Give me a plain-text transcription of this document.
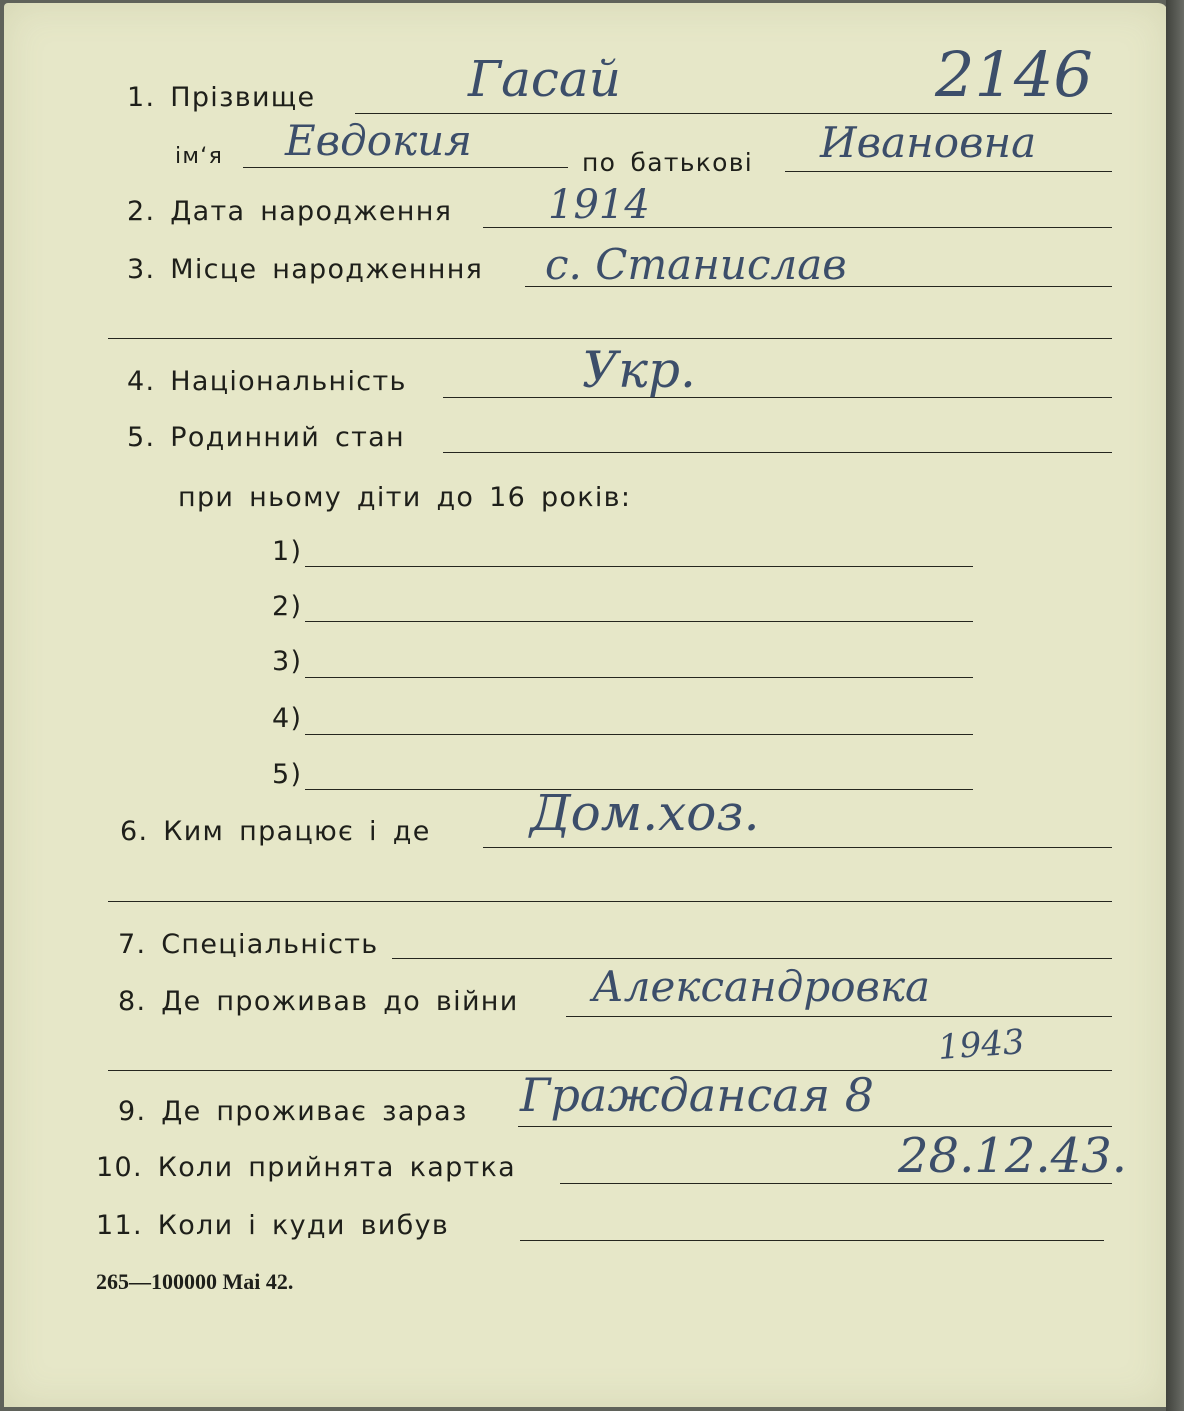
1. Прізвище	Гасай	2146
ім‘я Евдокия	по батькові Ивановна
2. Дата народження 1914
3. Місце народженння с. Станислав
4. Національність	Укр.
5. Родинний стан
при ньому діти до 16 років:
1)
2)
3)
4)
5)
6. Ким працює і де Дом.хоз.
7. Спеціальність
8. Де проживав до війни Александровка
1943
9. Де проживає зараз Граждансая 8
10. Коли прийнята картка	28.12.43.
11. Коли і куди вибув
265—100000 Mai 42.
